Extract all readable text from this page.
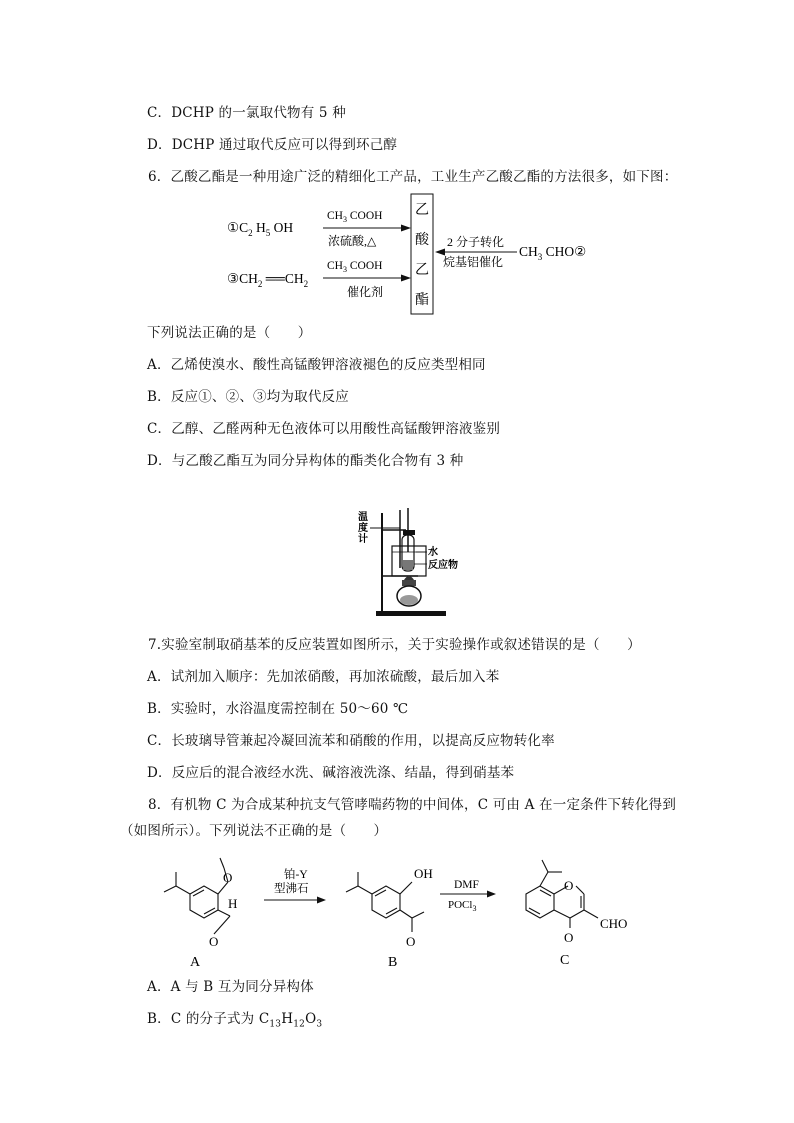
C．DCHP 的一氯取代物有 5 种
D．DCHP 通过取代反应可以得到环己醇
6．乙酸乙酯是一种用途广泛的精细化工产品，工业生产乙酸乙酯的方法很多，如下图：
$①C_2$ $H_5$ OH
$CH_3$ COOH
浓硫酸,△
$③CH_2$ $══CH_2$
$CH_3$ COOH
催化剂
乙
酸
乙
酯
2 分子转化
烷基铝催化
$CH_3$ CHO②
下列说法正确的是（　　）
A．乙烯使溴水、酸性高锰酸钾溶液褪色的反应类型相同
B．反应①、②、③均为取代反应
C．乙醇、乙醛两种无色液体可以用酸性高锰酸钾溶液鉴别
D．与乙酸乙酯互为同分异构体的酯类化合物有 3 种
温
度
计
水
反应物
7.实验室制取硝基苯的反应装置如图所示，关于实验操作或叙述错误的是（　　）
A．试剂加入顺序：先加浓硝酸，再加浓硫酸，最后加入苯
B．实验时，水浴温度需控制在 50～60 ℃
C．长玻璃导管兼起冷凝回流苯和硝酸的作用，以提高反应物转化率
D．反应后的混合液经水洗、碱溶液洗涤、结晶，得到硝基苯
8．有机物 C 为合成某种抗支气管哮喘药物的中间体，C 可由 A 在一定条件下转化得到
（如图所示）。下列说法不正确的是（　　）
O
H
O
A
铂-Y
型沸石
OH
O
B
DMF
POCl$_3$
O
O
CHO
C
A．A 与 B 互为同分异构体
B．C 的分子式为 $C_{13}H_{12}O_3$
